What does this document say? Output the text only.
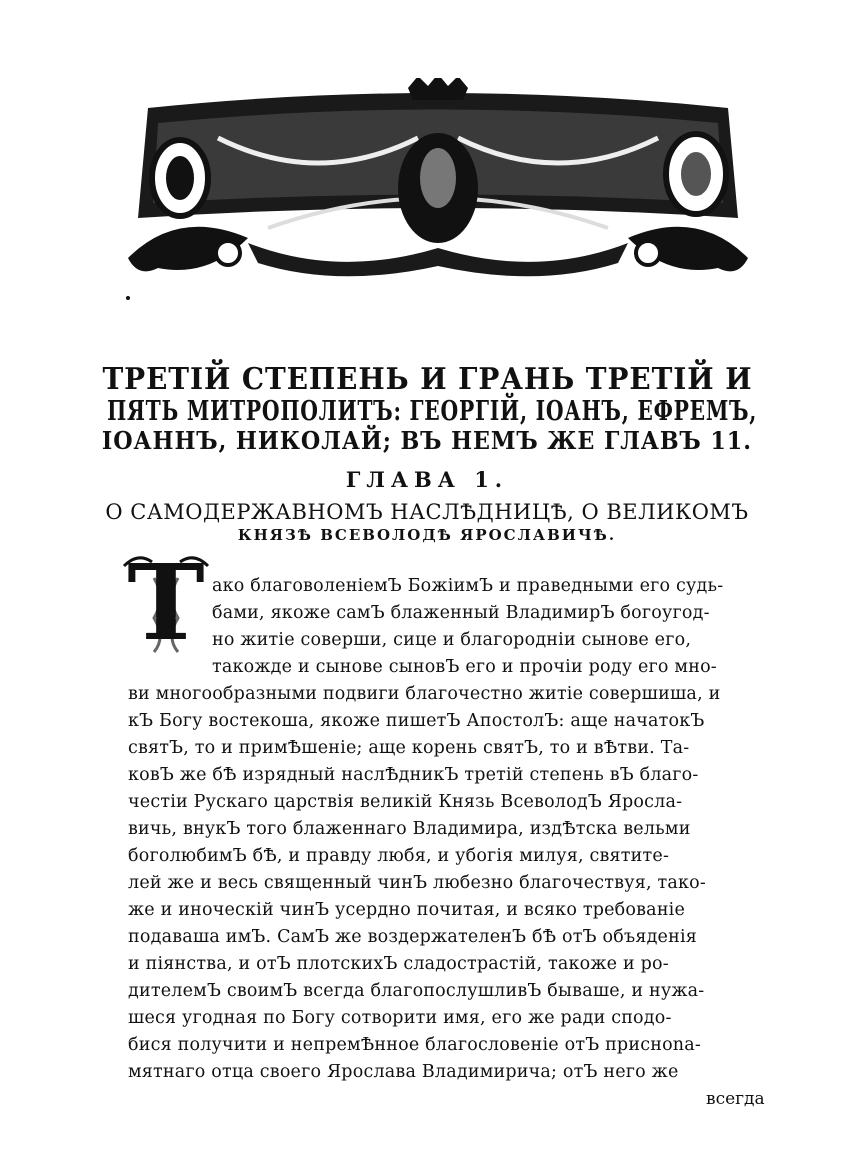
ТРЕТІЙ СТЕПЕНЬ И ГРАНЬ ТРЕТІЙ И
ПЯТЬ МИТРОПОЛИТЪ: ГЕОРГІЙ, ІОАНЪ, ЕФРЕМЪ,
ІОАННЪ, НИКОЛАЙ; ВЪ НЕМЪ ЖЕ ГЛАВЪ 11.
ГЛАВА 1.
О САМОДЕРЖАВНОМЪ НАСЛѢДНИЦѢ, О ВЕЛИКОМЪ
КНЯЗѢ ВСЕВОЛОДѢ ЯРОСЛАВИЧѢ.
Т ако благоволеніемЪ БожіимЪ и праведными его судь-
бами, якоже самЪ блаженный ВладимирЪ богоугод-
но житіе соверши, сице и благороднiи сынове его,
такожде и сынове сыновЪ его и прочiи роду его мно-
ви многообразными подвиги благочестно житiе совершиша, и
кЪ Богу востекоша, якоже пишетЪ АпостолЪ: аще начатокЪ
святЪ, то и примѢшеніе; аще корень святЪ, то и вѢтви. Та-
ковЪ же бѢ изрядный наслѢдникЪ третій степень вЪ благо-
честіи Рускаго царствія великій Князь ВсеволодЪ Яросла-
вичь, внукЪ того блаженнаго Владимира, издѢтска вельми
боголюбимЪ бѢ, и правду любя, и убогія милуя, святите-
лей же и весь священный чинЪ любезно благочествуя, тако-
же и иноческій чинЪ усердно почитая, и всяко требованіе
подаваша имЪ. СамЪ же воздержателенЪ бѢ отЪ объяденія
и піянства, и отЪ плотскихЪ сладострастій, такоже и ро-
дителемЪ своимЪ всегда благопослушливЪ бываше, и нужа-
шеся угодная по Богу сотворити имя, его же ради сподо-
бися получити и непремѢнное благословеніе отЪ присноnа-
мятнаго отца своего Ярослава Владимирича; отЪ него же
всегда
